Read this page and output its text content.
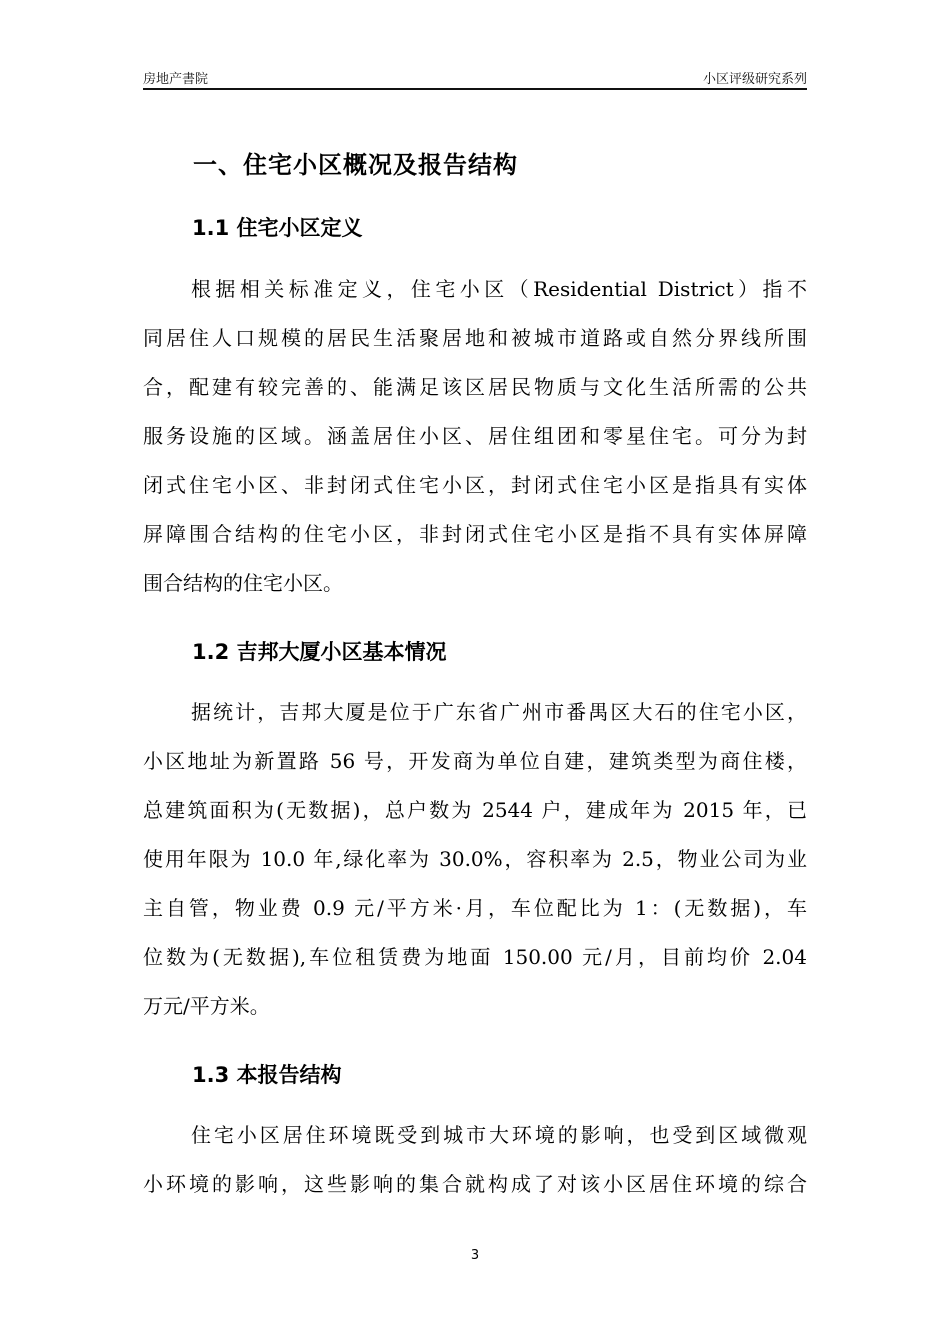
房地产書院	小区评级研究系列
一、住宅小区概况及报告结构
1.1 住宅小区定义
根据相关标准定义，住宅小区（Residential District）指不
同居住人口规模的居民生活聚居地和被城市道路或自然分界线所围
合，配建有较完善的、能满足该区居民物质与文化生活所需的公共
服务设施的区域。涵盖居住小区、居住组团和零星住宅。可分为封
闭式住宅小区、非封闭式住宅小区，封闭式住宅小区是指具有实体
屏障围合结构的住宅小区，非封闭式住宅小区是指不具有实体屏障
围合结构的住宅小区。
1.2 吉邦大厦小区基本情况
据统计，吉邦大厦是位于广东省广州市番禺区大石的住宅小区，
小区地址为新置路 56 号，开发商为单位自建，建筑类型为商住楼，
总建筑面积为(无数据)，总户数为 2544 户，建成年为 2015 年，已
使用年限为 10.0 年,绿化率为 30.0%，容积率为 2.5，物业公司为业
主自管，物业费 0.9 元/平方米·月，车位配比为 1：(无数据)，车
位数为(无数据),车位租赁费为地面 150.00 元/月，目前均价 2.04
万元/平方米。
1.3 本报告结构
住宅小区居住环境既受到城市大环境的影响，也受到区域微观
小环境的影响，这些影响的集合就构成了对该小区居住环境的综合
3
